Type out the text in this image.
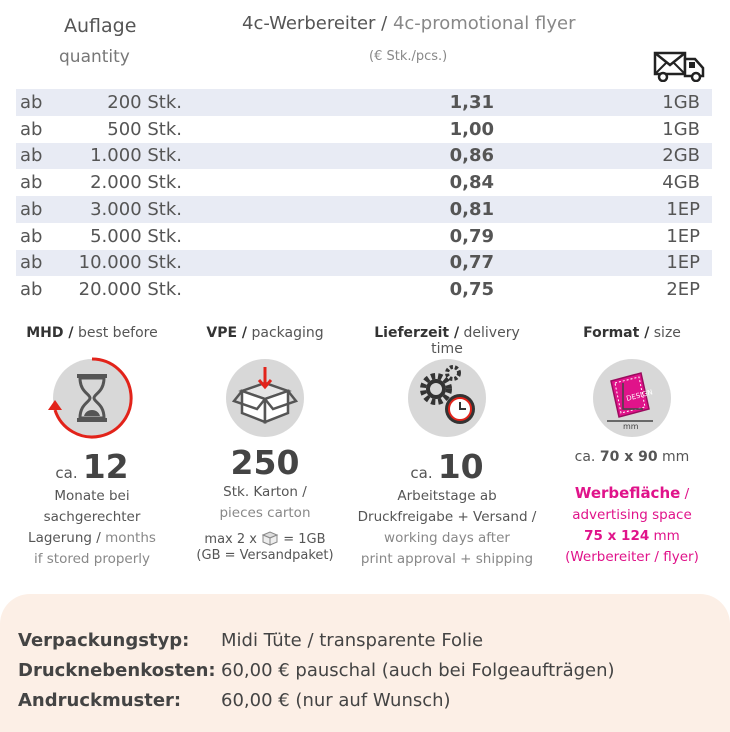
Auflage
quantity
4c-Werbereiter / 4c-promotional flyer
(€ Stk./pcs.)
ab	200 Stk.	1,31	1GB
ab	500 Stk.	1,00	1GB
ab	1.000 Stk.	0,86	2GB
ab	2.000 Stk.	0,84	4GB
ab	3.000 Stk.	0,81	1EP
ab	5.000 Stk.	0,79	1EP
ab	10.000 Stk.	0,77	1EP
ab	20.000 Stk.	0,75	2EP
MHD / best before
ca. 12
Monate bei
sachgerechter
Lagerung / months
if stored properly
VPE / packaging
250
Stk. Karton /
pieces carton
max 2 x = 1GB
(GB = Versandpaket)
Lieferzeit / delivery time
ca. 10
Arbeitstage ab
Druckfreigabe + Versand /
working days after
print approval + shipping
Format / size
DESIGN
mm
ca. 70 x 90 mm
Werbefläche /
advertising space
75 x 124 mm
(Werbereiter / flyer)
Verpackungstyp: Midi Tüte / transparente Folie
Drucknebenkosten: 60,00 € pauschal (auch bei Folgeaufträgen)
Andruckmuster: 60,00 € (nur auf Wunsch)
